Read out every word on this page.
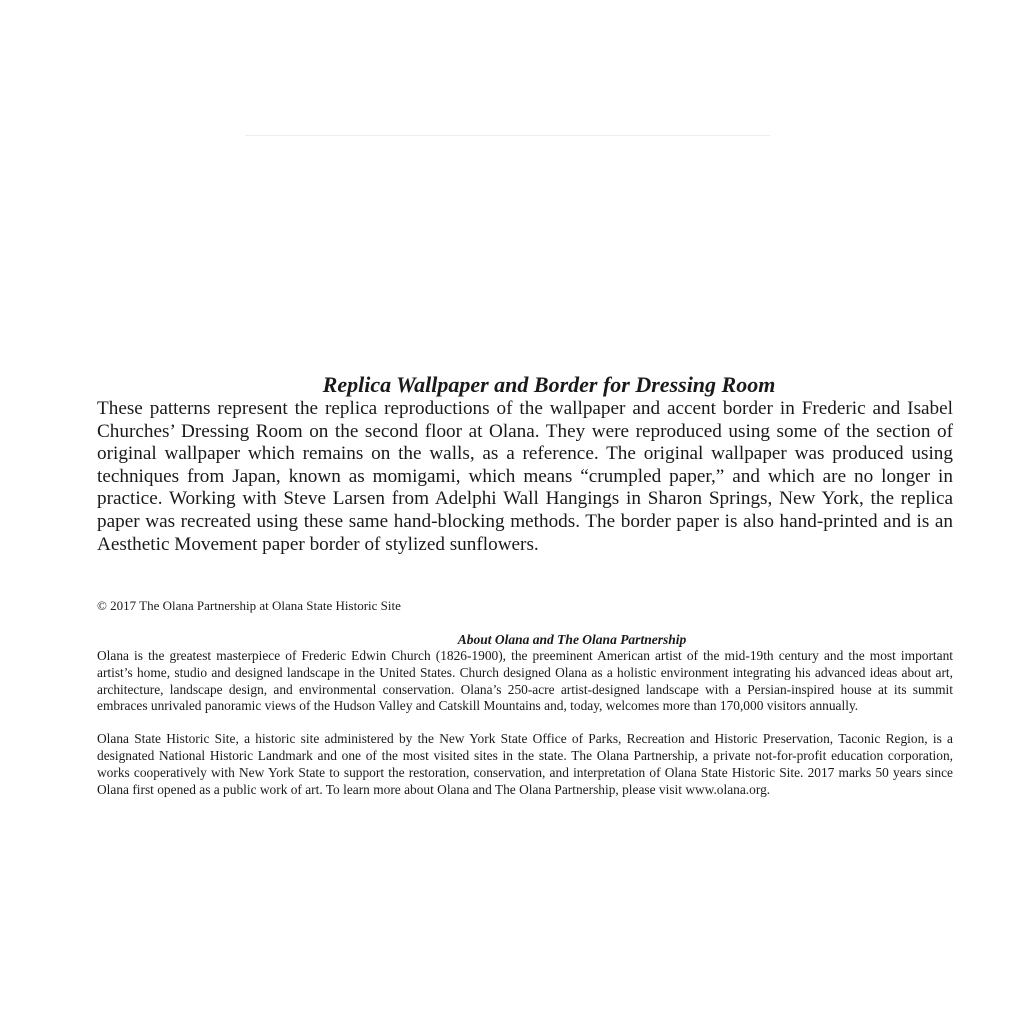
Replica Wallpaper and Border for Dressing Room

These patterns represent the replica reproductions of the wallpaper and accent border in Frederic and Isabel Churches’ Dressing Room on the second floor at Olana. They were reproduced using some of the section of original wallpaper which remains on the walls, as a reference. The original wallpaper was produced using techniques from Japan, known as momigami, which means “crumpled paper,” and which are no longer in practice. Working with Steve Larsen from Adelphi Wall Hangings in Sharon Springs, New York, the replica paper was recreated using these same hand-blocking methods. The border paper is also hand-printed and is an Aesthetic Movement paper border of stylized sunflowers.

© 2017 The Olana Partnership at Olana State Historic Site

About Olana and The Olana Partnership

Olana is the greatest masterpiece of Frederic Edwin Church (1826-1900), the preeminent American artist of the mid-19th century and the most important artist’s home, studio and designed landscape in the United States. Church designed Olana as a holistic environment integrating his advanced ideas about art, architecture, landscape design, and environmental conservation. Olana’s 250-acre artist-designed landscape with a Persian-inspired house at its summit embraces unrivaled panoramic views of the Hudson Valley and Catskill Mountains and, today, welcomes more than 170,000 visitors annually.

Olana State Historic Site, a historic site administered by the New York State Office of Parks, Recreation and Historic Preservation, Taconic Region, is a designated National Historic Landmark and one of the most visited sites in the state. The Olana Partnership, a private not-for-profit education corporation, works cooperatively with New York State to support the restoration, conservation, and interpretation of Olana State Historic Site. 2017 marks 50 years since Olana first opened as a public work of art. To learn more about Olana and The Olana Partnership, please visit www.olana.org.
